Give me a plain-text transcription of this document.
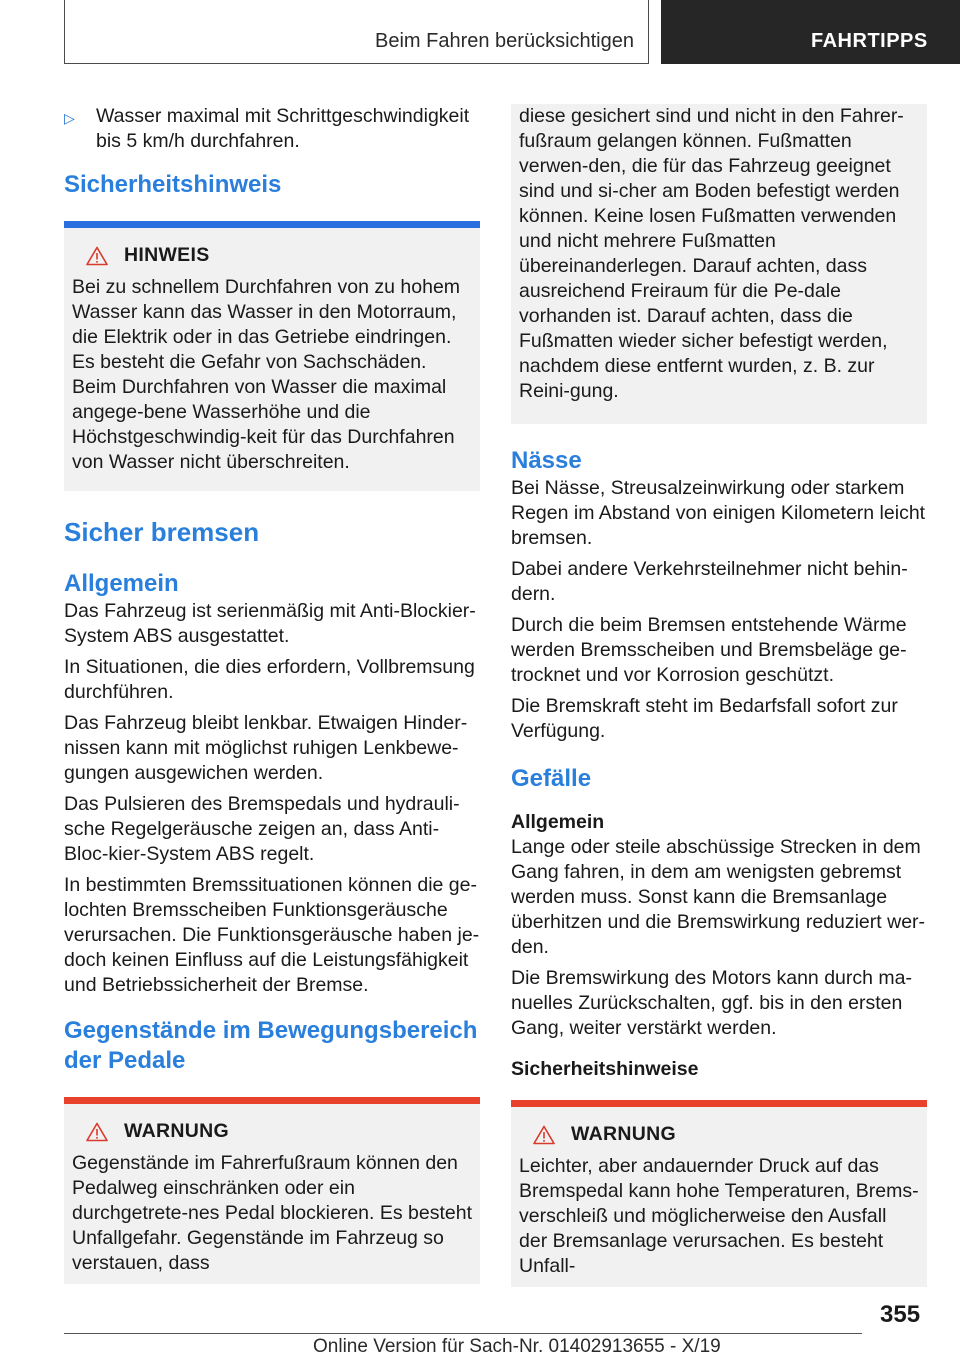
Beim Fahren berücksichtigen	FAHRTIPPS
▷	Wasser maximal mit Schrittgeschwindigkeit bis 5 km/h durchfahren.
Sicherheitshinweis
HINWEIS
Bei zu schnellem Durchfahren von zu hohem Wasser kann das Wasser in den Motorraum, die Elektrik oder in das Getriebe eindringen. Es besteht die Gefahr von Sachschäden. Beim Durchfahren von Wasser die maximal angege-bene Wasserhöhe und die Höchstgeschwindig-keit für das Durchfahren von Wasser nicht überschreiten.
Sicher bremsen
Allgemein
Das Fahrzeug ist serienmäßig mit Anti-Blockier-System ABS ausgestattet.
In Situationen, die dies erfordern, Vollbremsung durchführen.
Das Fahrzeug bleibt lenkbar. Etwaigen Hinder-nissen kann mit möglichst ruhigen Lenkbewe-gungen ausgewichen werden.
Das Pulsieren des Bremspedals und hydrauli-sche Regelgeräusche zeigen an, dass Anti-Bloc-kier-System ABS regelt.
In bestimmten Bremssituationen können die ge-lochten Bremsscheiben Funktionsgeräusche verursachen. Die Funktionsgeräusche haben je-doch keinen Einfluss auf die Leistungsfähigkeit und Betriebssicherheit der Bremse.
Gegenstände im Bewegungsbereich der Pedale
WARNUNG
Gegenstände im Fahrerfußraum können den Pedalweg einschränken oder ein durchgetrete-nes Pedal blockieren. Es besteht Unfallgefahr. Gegenstände im Fahrzeug so verstauen, dass
diese gesichert sind und nicht in den Fahrer-fußraum gelangen können. Fußmatten verwen-den, die für das Fahrzeug geeignet sind und si-cher am Boden befestigt werden können. Keine losen Fußmatten verwenden und nicht mehrere Fußmatten übereinanderlegen. Darauf achten, dass ausreichend Freiraum für die Pe-dale vorhanden ist. Darauf achten, dass die Fußmatten wieder sicher befestigt werden, nachdem diese entfernt wurden, z. B. zur Reini-gung.
Nässe
Bei Nässe, Streusalzeinwirkung oder starkem Regen im Abstand von einigen Kilometern leicht bremsen.
Dabei andere Verkehrsteilnehmer nicht behin-dern.
Durch die beim Bremsen entstehende Wärme werden Bremsscheiben und Bremsbeläge ge-trocknet und vor Korrosion geschützt.
Die Bremskraft steht im Bedarfsfall sofort zur Verfügung.
Gefälle
Allgemein
Lange oder steile abschüssige Strecken in dem Gang fahren, in dem am wenigsten gebremst werden muss. Sonst kann die Bremsanlage überhitzen und die Bremswirkung reduziert wer-den.
Die Bremswirkung des Motors kann durch ma-nuelles Zurückschalten, ggf. bis in den ersten Gang, weiter verstärkt werden.
Sicherheitshinweise
WARNUNG
Leichter, aber andauernder Druck auf das Bremspedal kann hohe Temperaturen, Brems-verschleiß und möglicherweise den Ausfall der Bremsanlage verursachen. Es besteht Unfall-
355
Online Version für Sach-Nr. 01402913655 - X/19
